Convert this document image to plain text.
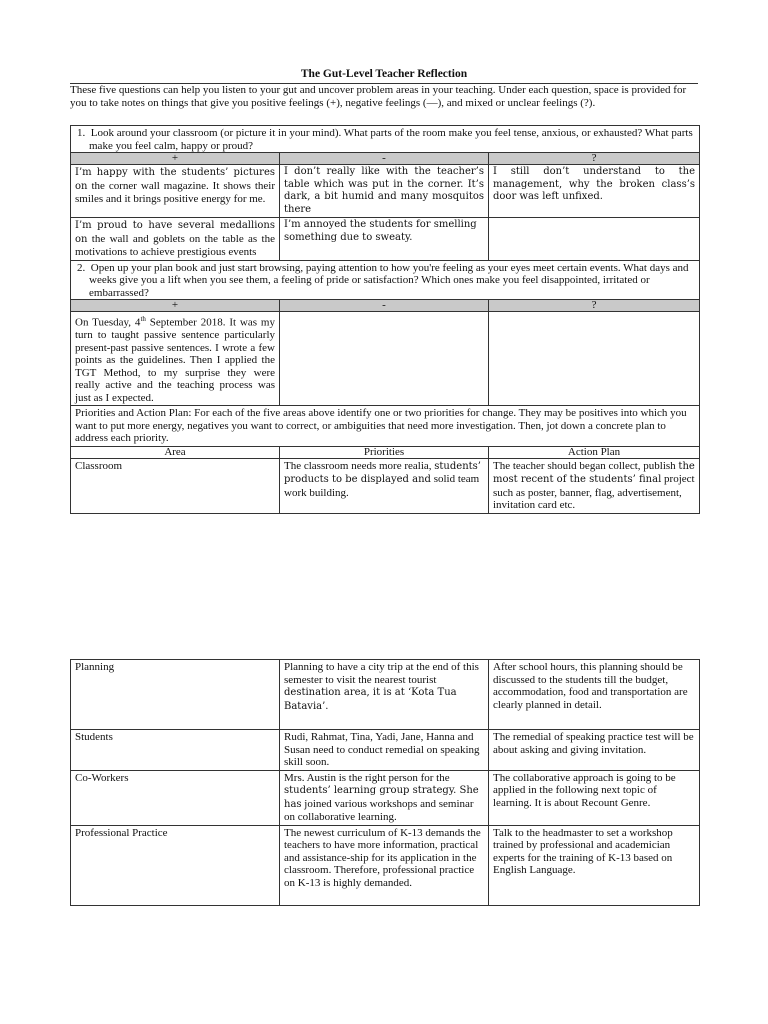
The Gut-Level Teacher Reflection
These five questions can help you listen to your gut and uncover problem areas in your teaching. Under each question, space is provided for you to take notes on things that give you positive feelings (+), negative feelings (—), and mixed or unclear feelings (?).
1.  Look around your classroom (or picture it in your mind). What parts of the room make you feel tense, anxious, or exhausted? What parts make you feel calm, happy or proud?		

+	-	?
I’m happy with the students’ pictures on the corner wall magazine. It shows their smiles and it brings positive energy for me.	I don’t really like with the teacher’s table which was put in the corner. It’s dark, a bit humid and many mosquitos there	I still don’t understand to the management, why the broken class’s door was left unfixed.
I’m proud to have several medallions on the wall and goblets on the table as the motivations to achieve prestigious events	I’m annoyed the students for smelling something due to sweaty.	

2.  Open up your plan book and just start browsing, paying attention to how you're feeling as your eyes meet certain events. What days and weeks give you a lift when you see them, a feeling of pride or satisfaction? Which ones make you feel disappointed, irritated or embarrassed?		

+	-	?
On Tuesday, 4th September 2018. It was my turn to taught passive sentence particularly present-past passive sentences. I wrote a few points as the guidelines. Then I applied the TGT Method, to my surprise they were really active and the teaching process was just as I expected.		
Priorities and Action Plan: For each of the five areas above identify one or two priorities for change. They may be positives into which you want to put more energy, negatives you want to correct, or ambiguities that need more investigation. Then, jot down a concrete plan to address each priority.		
Area	Priorities	Action Plan
Classroom	The classroom needs more realia, students’ products to be displayed and solid team work building.	The teacher should began collect, publish the most recent of the students’ final project such as poster, banner, flag, advertisement, invitation card etc.
Planning	Planning to have a city trip at the end of this semester to visit the nearest tourist destination area, it is at ‘Kota Tua Batavia’.	After school hours, this planning should be discussed to the students till the budget, accommodation, food and transportation are clearly planned in detail.
Students	Rudi, Rahmat, Tina, Yadi, Jane, Hanna and Susan need to conduct remedial on speaking skill soon.	The remedial of speaking practice test will be about asking and giving invitation.
Co-Workers	Mrs. Austin is the right person for the students’ learning group strategy. She has joined various workshops and seminar on collaborative learning.	The collaborative approach is going to be applied in the following next topic of learning. It is about Recount Genre.
Professional Practice	The newest curriculum of K-13 demands the teachers to have more information, practical and assistance-ship for its application in the classroom. Therefore, professional practice on K-13 is highly demanded.	Talk to the headmaster to set a workshop trained by professional and academician experts for the training of K-13 based on English Language.
